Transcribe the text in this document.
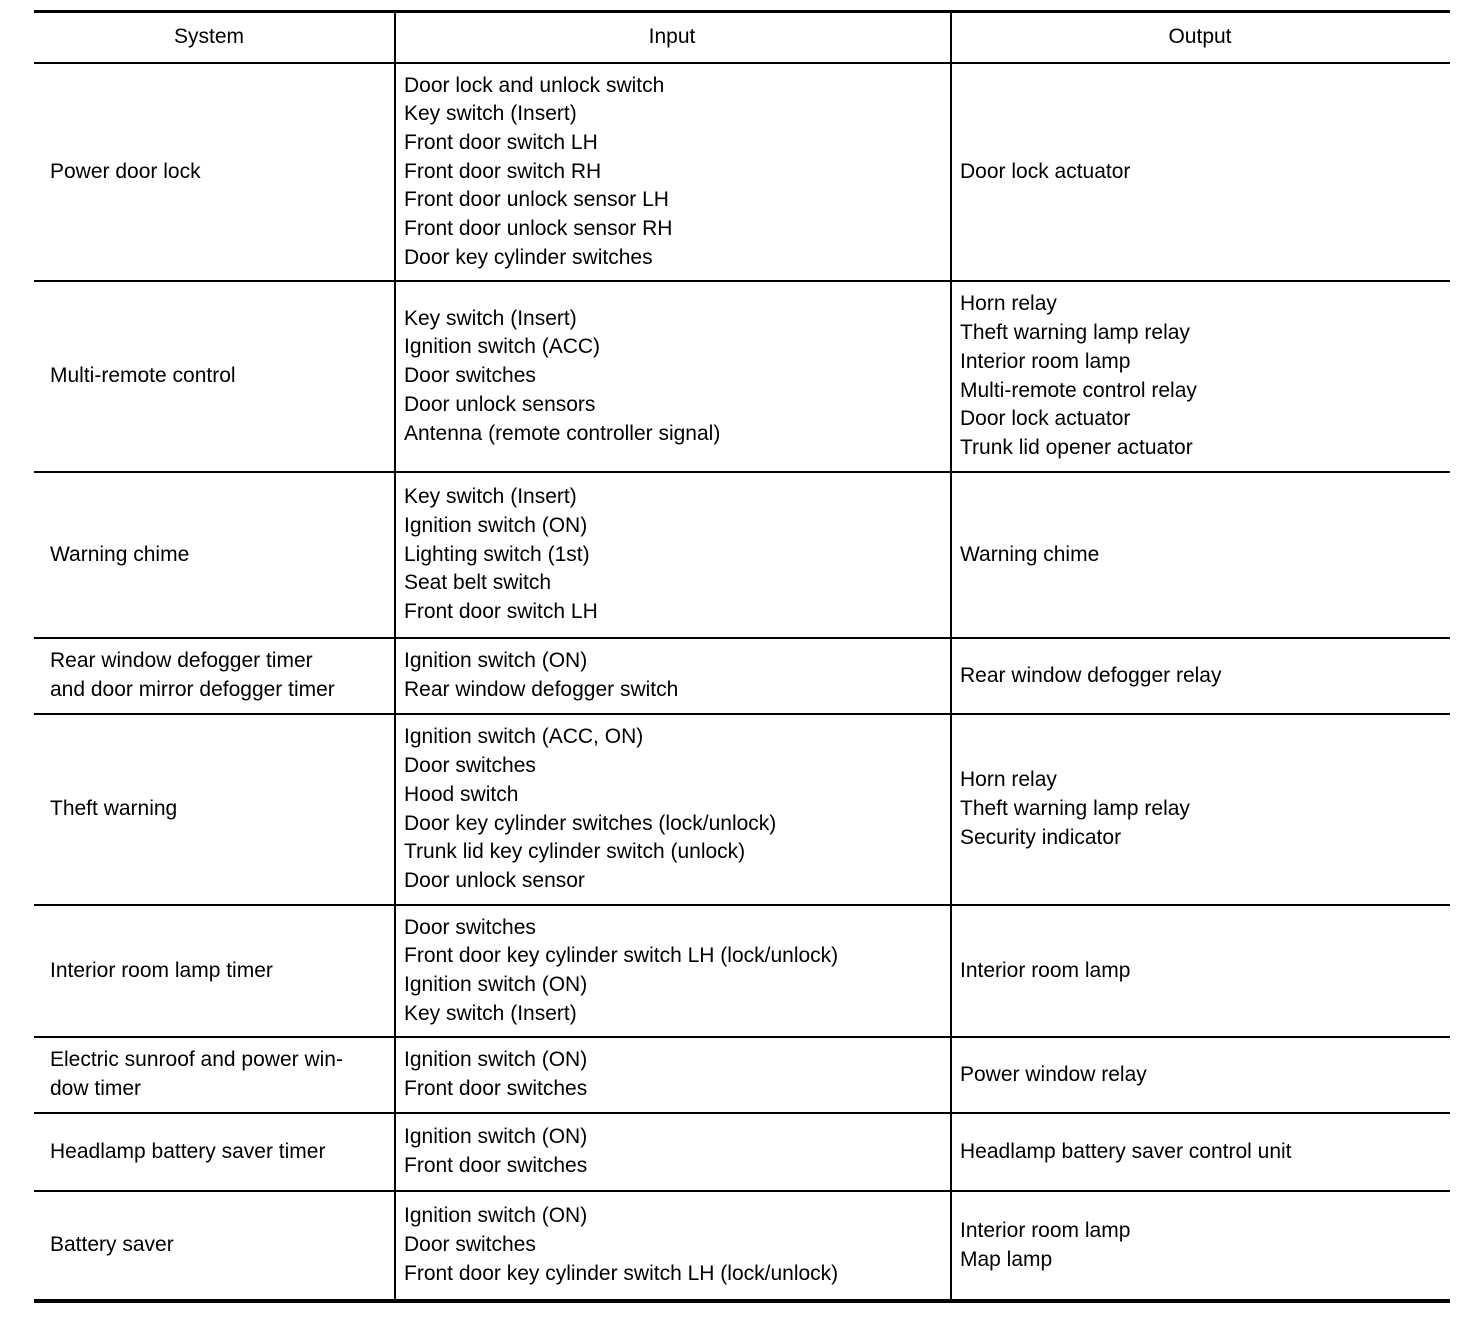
System	Input	Output
Power door lock
Door lock and unlock switch
Key switch (Insert)
Front door switch LH
Front door switch RH
Front door unlock sensor LH
Front door unlock sensor RH
Door key cylinder switches
Door lock actuator
Multi-remote control
Key switch (Insert)
Ignition switch (ACC)
Door switches
Door unlock sensors
Antenna (remote controller signal)
Horn relay
Theft warning lamp relay
Interior room lamp
Multi-remote control relay
Door lock actuator
Trunk lid opener actuator
Warning chime
Key switch (Insert)
Ignition switch (ON)
Lighting switch (1st)
Seat belt switch
Front door switch LH
Warning chime
Rear window defogger timer
and door mirror defogger timer
Ignition switch (ON)
Rear window defogger switch
Rear window defogger relay
Theft warning
Ignition switch (ACC, ON)
Door switches
Hood switch
Door key cylinder switches (lock/unlock)
Trunk lid key cylinder switch (unlock)
Door unlock sensor
Horn relay
Theft warning lamp relay
Security indicator
Interior room lamp timer
Door switches
Front door key cylinder switch LH (lock/unlock)
Ignition switch (ON)
Key switch (Insert)
Interior room lamp
Electric sunroof and power win-
dow timer
Ignition switch (ON)
Front door switches
Power window relay
Headlamp battery saver timer
Ignition switch (ON)
Front door switches
Headlamp battery saver control unit
Battery saver
Ignition switch (ON)
Door switches
Front door key cylinder switch LH (lock/unlock)
Interior room lamp
Map lamp
